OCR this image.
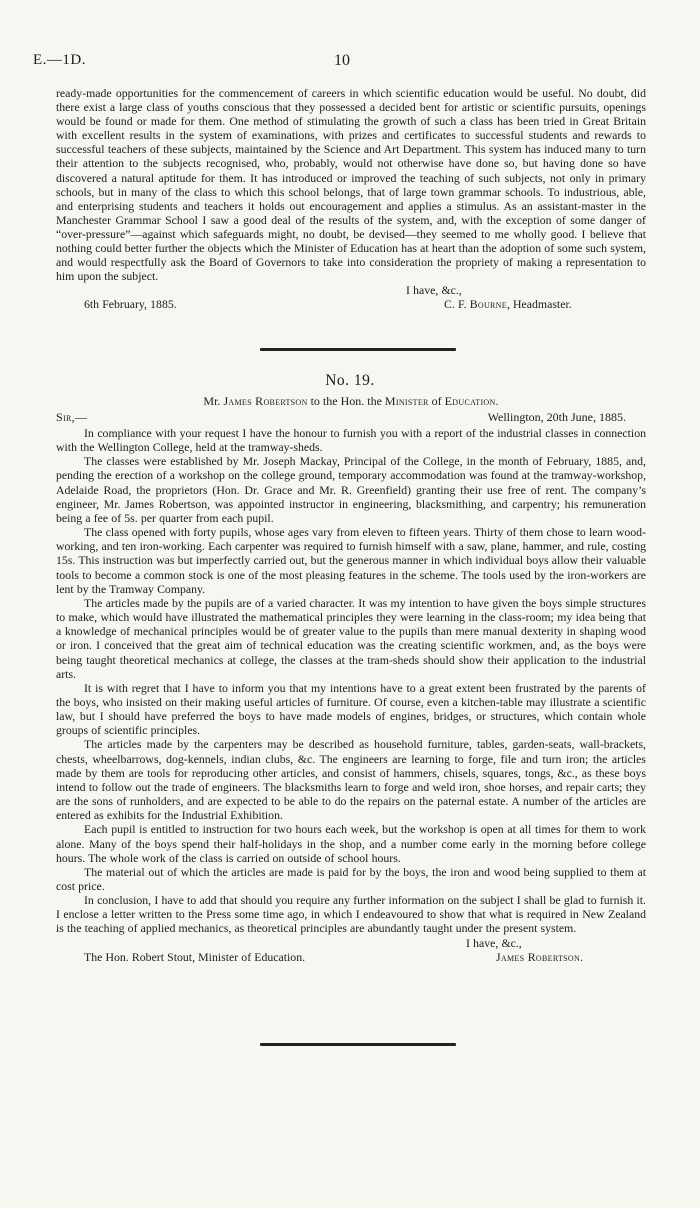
E.—1D.	10

ready-made opportunities for the commencement of careers in which scientific education would be useful. No doubt, did there exist a large class of youths conscious that they possessed a decided bent for artistic or scientific pursuits, openings would be found or made for them. One method of stimulating the growth of such a class has been tried in Great Britain with excellent results in the system of examinations, with prizes and certificates to successful students and rewards to successful teachers of these subjects, maintained by the Science and Art Department. This system has induced many to turn their attention to the subjects recognised, who, probably, would not otherwise have done so, but having done so have discovered a natural aptitude for them. It has introduced or improved the teaching of such subjects, not only in primary schools, but in many of the class to which this school belongs, that of large town grammar schools. To industrious, able, and enterprising students and teachers it holds out encouragement and applies a stimulus. As an assistant-master in the Manchester Grammar School I saw a good deal of the results of the system, and, with the exception of some danger of “over-pressure”—against which safeguards might, no doubt, be devised—they seemed to me wholly good. I believe that nothing could better further the objects which the Minister of Education has at heart than the adoption of some such system, and would respectfully ask the Board of Governors to take into consideration the propriety of making a representation to him upon the subject.

I have, &c.,
6th February, 1885.	C. F. Bourne, Headmaster.
No. 19.
Mr. James Robertson to the Hon. the Minister of Education.
Sir,—	Wellington, 20th June, 1885.

In compliance with your request I have the honour to furnish you with a report of the industrial classes in connection with the Wellington College, held at the tramway-sheds.

The classes were established by Mr. Joseph Mackay, Principal of the College, in the month of February, 1885, and, pending the erection of a workshop on the college ground, temporary accommodation was found at the tramway-workshop, Adelaide Road, the proprietors (Hon. Dr. Grace and Mr. R. Greenfield) granting their use free of rent. The company’s engineer, Mr. James Robertson, was appointed instructor in engineering, blacksmithing, and carpentry; his remuneration being a fee of 5s. per quarter from each pupil.

The class opened with forty pupils, whose ages vary from eleven to fifteen years. Thirty of them chose to learn wood-working, and ten iron-working. Each carpenter was required to furnish himself with a saw, plane, hammer, and rule, costing 15s. This instruction was but imperfectly carried out, but the generous manner in which individual boys allow their valuable tools to become a common stock is one of the most pleasing features in the scheme. The tools used by the iron-workers are lent by the Tramway Company.

The articles made by the pupils are of a varied character. It was my intention to have given the boys simple structures to make, which would have illustrated the mathematical principles they were learning in the class-room; my idea being that a knowledge of mechanical principles would be of greater value to the pupils than mere manual dexterity in shaping wood or iron. I conceived that the great aim of technical education was the creating scientific workmen, and, as the boys were being taught theoretical mechanics at college, the classes at the tram-sheds should show their application to the industrial arts.

It is with regret that I have to inform you that my intentions have to a great extent been frustrated by the parents of the boys, who insisted on their making useful articles of furniture. Of course, even a kitchen-table may illustrate a scientific law, but I should have preferred the boys to have made models of engines, bridges, or structures, which contain whole groups of scientific principles.

The articles made by the carpenters may be described as household furniture, tables, garden-seats, wall-brackets, chests, wheelbarrows, dog-kennels, indian clubs, &c. The engineers are learning to forge, file and turn iron; the articles made by them are tools for reproducing other articles, and consist of hammers, chisels, squares, tongs, &c., as these boys intend to follow out the trade of engineers. The blacksmiths learn to forge and weld iron, shoe horses, and repair carts; they are the sons of runholders, and are expected to be able to do the repairs on the paternal estate. A number of the articles are entered as exhibits for the Industrial Exhibition.

Each pupil is entitled to instruction for two hours each week, but the workshop is open at all times for them to work alone. Many of the boys spend their half-holidays in the shop, and a number come early in the morning before college hours. The whole work of the class is carried on outside of school hours.

The material out of which the articles are made is paid for by the boys, the iron and wood being supplied to them at cost price.

In conclusion, I have to add that should you require any further information on the subject I shall be glad to furnish it. I enclose a letter written to the Press some time ago, in which I endeavoured to show that what is required in New Zealand is the teaching of applied mechanics, as theoretical principles are abundantly taught under the present system.

I have, &c.,
The Hon. Robert Stout, Minister of Education.	James Robertson.
